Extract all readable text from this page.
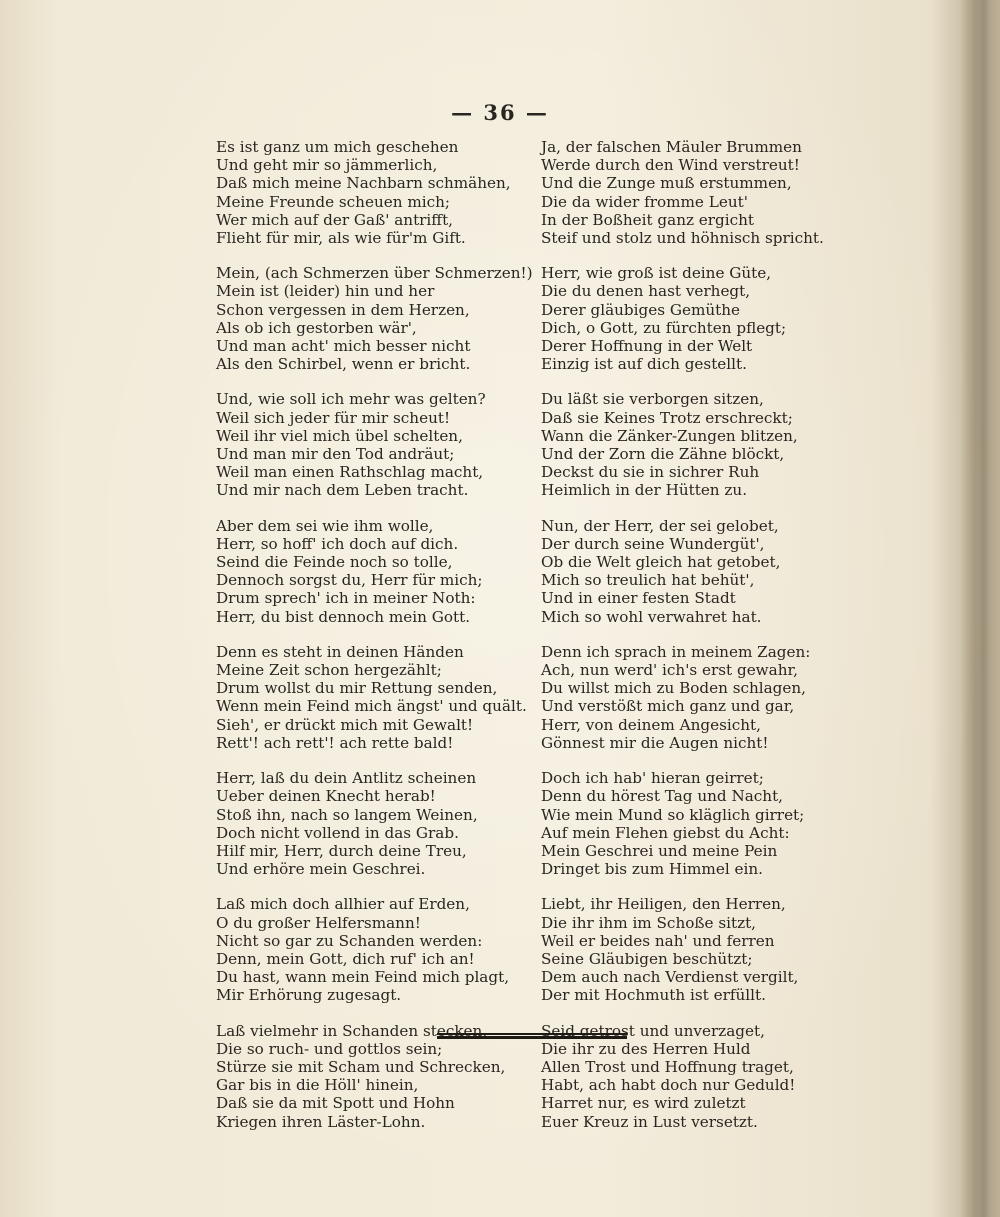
— 36 —
Es ist ganz um mich geschehen
Und geht mir so jämmerlich,
Daß mich meine Nachbarn schmähen,
Meine Freunde scheuen mich;
Wer mich auf der Gaß' antrifft,
Flieht für mir, als wie für'm Gift.
Mein, (ach Schmerzen über Schmerzen!)
Mein ist (leider) hin und her
Schon vergessen in dem Herzen,
Als ob ich gestorben wär',
Und man acht' mich besser nicht
Als den Schirbel, wenn er bricht.
Und, wie soll ich mehr was gelten?
Weil sich jeder für mir scheut!
Weil ihr viel mich übel schelten,
Und man mir den Tod andräut;
Weil man einen Rathschlag macht,
Und mir nach dem Leben tracht.
Aber dem sei wie ihm wolle,
Herr, so hoff' ich doch auf dich.
Seind die Feinde noch so tolle,
Dennoch sorgst du, Herr für mich;
Drum sprech' ich in meiner Noth:
Herr, du bist dennoch mein Gott.
Denn es steht in deinen Händen
Meine Zeit schon hergezählt;
Drum wollst du mir Rettung senden,
Wenn mein Feind mich ängst' und quält.
Sieh', er drückt mich mit Gewalt!
Rett'! ach rett'! ach rette bald!
Herr, laß du dein Antlitz scheinen
Ueber deinen Knecht herab!
Stoß ihn, nach so langem Weinen,
Doch nicht vollend in das Grab.
Hilf mir, Herr, durch deine Treu,
Und erhöre mein Geschrei.
Laß mich doch allhier auf Erden,
O du großer Helfersmann!
Nicht so gar zu Schanden werden:
Denn, mein Gott, dich ruf' ich an!
Du hast, wann mein Feind mich plagt,
Mir Erhörung zugesagt.
Laß vielmehr in Schanden stecken,
Die so ruch- und gottlos sein;
Stürze sie mit Scham und Schrecken,
Gar bis in die Höll' hinein,
Daß sie da mit Spott und Hohn
Kriegen ihren Läster-Lohn.
Ja, der falschen Mäuler Brummen
Werde durch den Wind verstreut!
Und die Zunge muß erstummen,
Die da wider fromme Leut'
In der Boßheit ganz ergicht
Steif und stolz und höhnisch spricht.
Herr, wie groß ist deine Güte,
Die du denen hast verhegt,
Derer gläubiges Gemüthe
Dich, o Gott, zu fürchten pflegt;
Derer Hoffnung in der Welt
Einzig ist auf dich gestellt.
Du läßt sie verborgen sitzen,
Daß sie Keines Trotz erschreckt;
Wann die Zänker-Zungen blitzen,
Und der Zorn die Zähne blöckt,
Deckst du sie in sichrer Ruh
Heimlich in der Hütten zu.
Nun, der Herr, der sei gelobet,
Der durch seine Wundergüt',
Ob die Welt gleich hat getobet,
Mich so treulich hat behüt',
Und in einer festen Stadt
Mich so wohl verwahret hat.
Denn ich sprach in meinem Zagen:
Ach, nun werd' ich's erst gewahr,
Du willst mich zu Boden schlagen,
Und verstößt mich ganz und gar,
Herr, von deinem Angesicht,
Gönnest mir die Augen nicht!
Doch ich hab' hieran geirret;
Denn du hörest Tag und Nacht,
Wie mein Mund so kläglich girret;
Auf mein Flehen giebst du Acht:
Mein Geschrei und meine Pein
Dringet bis zum Himmel ein.
Liebt, ihr Heiligen, den Herren,
Die ihr ihm im Schoße sitzt,
Weil er beides nah' und ferren
Seine Gläubigen beschützt;
Dem auch nach Verdienst vergilt,
Der mit Hochmuth ist erfüllt.
Seid getrost und unverzaget,
Die ihr zu des Herren Huld
Allen Trost und Hoffnung traget,
Habt, ach habt doch nur Geduld!
Harret nur, es wird zuletzt
Euer Kreuz in Lust versetzt.
